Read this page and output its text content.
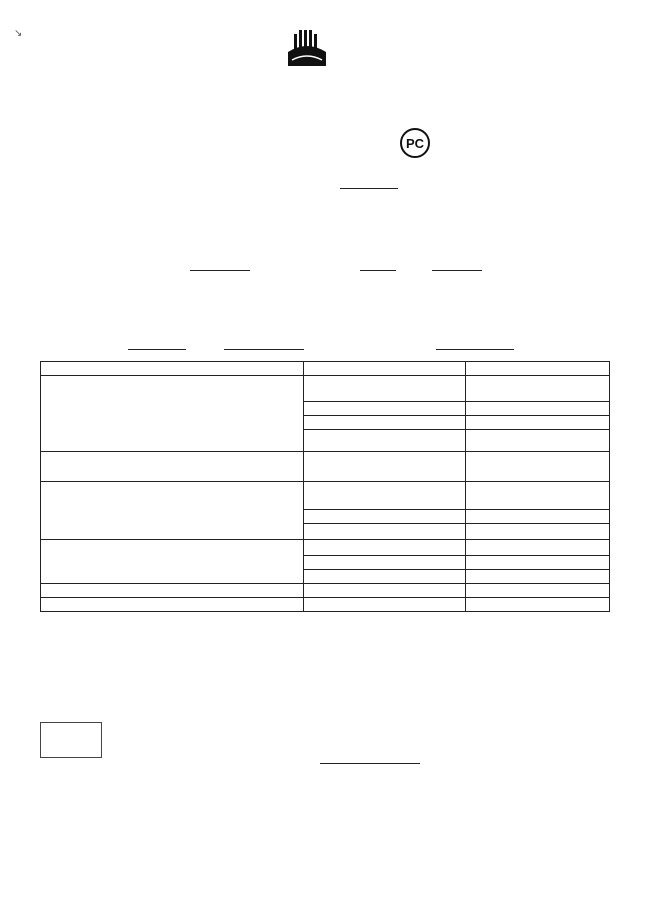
↘
PC
